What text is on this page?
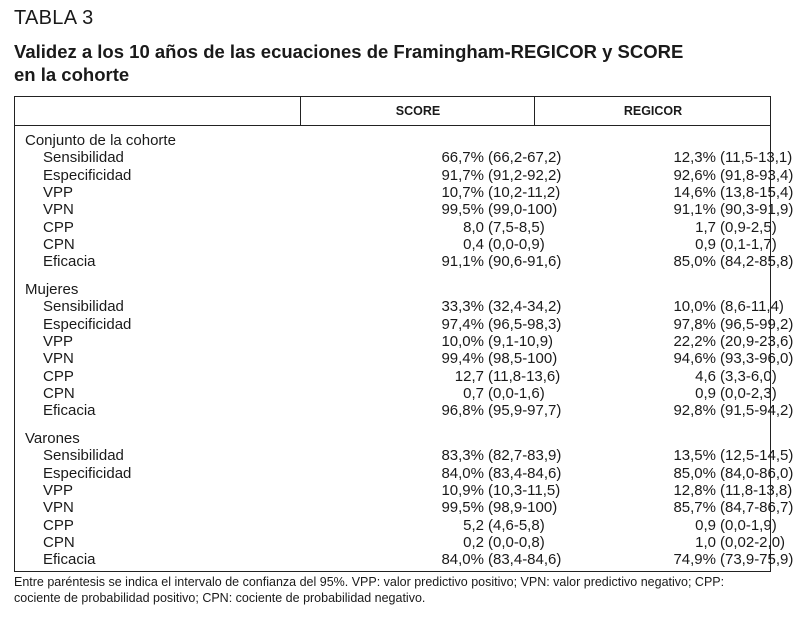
TABLA 3
Validez a los 10 años de las ecuaciones de Framingham-REGICOR y SCORE
en la cohorte
SCORE	REGICOR
Conjunto de la cohorte
Sensibilidad	66,7% (66,2-67,2)	12,3% (11,5-13,1)
Especificidad	91,7% (91,2-92,2)	92,6% (91,8-93,4)
VPP	10,7% (10,2-11,2)	14,6% (13,8-15,4)
VPN	99,5% (99,0-100)	91,1% (90,3-91,9)
CPP	8,0 (7,5-8,5)	1,7 (0,9-2,5)
CPN	0,4 (0,0-0,9)	0,9 (0,1-1,7)
Eficacia	91,1% (90,6-91,6)	85,0% (84,2-85,8)
Mujeres
Sensibilidad	33,3% (32,4-34,2)	10,0% (8,6-11,4)
Especificidad	97,4% (96,5-98,3)	97,8% (96,5-99,2)
VPP	10,0% (9,1-10,9)	22,2% (20,9-23,6)
VPN	99,4% (98,5-100)	94,6% (93,3-96,0)
CPP	12,7 (11,8-13,6)	4,6 (3,3-6,0)
CPN	0,7 (0,0-1,6)	0,9 (0,0-2,3)
Eficacia	96,8% (95,9-97,7)	92,8% (91,5-94,2)
Varones
Sensibilidad	83,3% (82,7-83,9)	13,5% (12,5-14,5)
Especificidad	84,0% (83,4-84,6)	85,0% (84,0-86,0)
VPP	10,9% (10,3-11,5)	12,8% (11,8-13,8)
VPN	99,5% (98,9-100)	85,7% (84,7-86,7)
CPP	5,2 (4,6-5,8)	0,9 (0,0-1,9)
CPN	0,2 (0,0-0,8)	1,0 (0,02-2,0)
Eficacia	84,0% (83,4-84,6)	74,9% (73,9-75,9)
Entre paréntesis se indica el intervalo de confianza del 95%. VPP: valor predictivo positivo; VPN: valor predictivo negativo; CPP: cociente de probabilidad positivo; CPN: cociente de probabilidad negativo.
